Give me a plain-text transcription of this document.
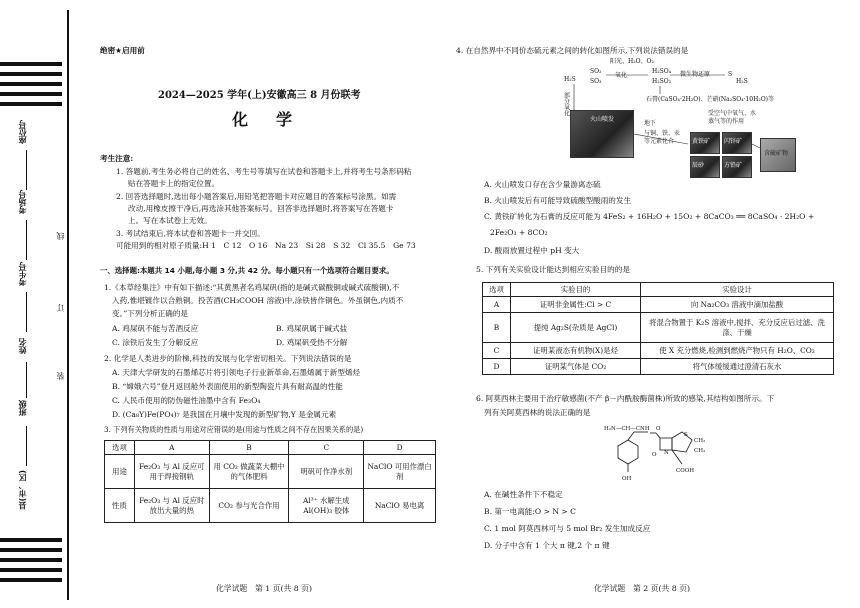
座位号
考场号
考生号
姓名
班级
县(市、区)
线
订
装
绝密★启用前
2024—2025 学年(上)安徽高三 8 月份联考
化　学
考生注意:
1. 答题前,考生务必将自己的姓名、考生号等填写在试卷和答题卡上,并将考生号条形码粘
贴在答题卡上的指定位置。
2. 回答选择题时,选出每小题答案后,用铅笔把答题卡对应题目的答案标号涂黑。如需
改动,用橡皮擦干净后,再选涂其他答案标号。回答非选择题时,将答案写在答题卡
上。写在本试卷上无效。
3. 考试结束后,将本试卷和答题卡一并交回。
可能用到的相对原子质量:H 1　C 12　O 16　Na 23　Si 28　S 32　Cl 35.5　Ge 73
一、选择题:本题共 14 小题,每小题 3 分,共 42 分。每小题只有一个选项符合题目要求。
1.《本草经集注》中有如下描述:“其黄黑者名鸡屎矾(指的是碱式碳酸铜或碱式硫酸铜),不
入药,惟堪镀作以合熟铜。投苦酒(CH₃COOH 溶液)中,涂铁皆作铜色。外虽铜色,内质不
变。”下列分析正确的是
A. 鸡屎矾不能与苦酒反应	B. 鸡屎矾属于碱式盐
C. 涂铁后发生了分解反应	D. 鸡屎矾受热不分解
2. 化学是人类进步的阶梯,科技的发展与化学密切相关。下列说法错误的是
A. 天津大学研发的石墨烯芯片将引领电子行业新革命,石墨烯属于新型烯烃
B. “嫦娥六号”登月返回舱外表面使用的新型陶瓷片具有耐高温的性能
C. 人民币使用的防伪磁性油墨中含有 Fe₃O₄
D. (Ca₈Y)Fe(PO₄)₇ 是我国在月壤中发现的新型矿物,Y 是金属元素
3. 下列有关物质的性质与用途对应错误的是(用途与性质之间不存在因果关系的是)
选项	A	B	C	D
用途	Fe₂O₃ 与 Al 反应可用于焊接钢轨	用 CO₂ 做蔬菜大棚中的气体肥料	明矾可作净水剂	NaClO 可用作漂白剂
性质	Fe₂O₃ 与 Al 反应时放出大量的热	CO₂ 参与光合作用	Al³⁺ 水解生成 Al(OH)₃ 胶体	NaClO 易电离
化学试题　第 1 页(共 8 页)
4. 在自然界中不同价态硫元素之间的转化如图所示,下列说法错误的是
阳光、H₂O、O₂
H₂S
SO₂
SO₃
氧化
H₂SO₄
H₂SO₃
微生物还原	S
H₂S
部分氧化	石膏(CaSO₄·2H₂O)、芒硝(Na₂SO₄·10H₂O)等
火山喷发
地下
与铜、铁、汞等元素化合
受空气中氧气、水蒸气等的作用
黄铁矿 闪锌矿
辰砂	方铅矿
含硫矿物
A. 火山喷发口存在含少量游离态硫
B. 火山喷发后有可能导致硫酸型酸雨的发生
C. 黄铁矿转化为石膏的反应可能为 4FeS₂ + 16H₂O + 15O₂ + 8CaCO₃ ══ 8CaSO₄ · 2H₂O +
2Fe₂O₃ + 8CO₂
D. 酸雨放置过程中 pH 变大
5. 下列有关实验设计能达到相应实验目的的是
选项	实验目的	实验设计
A	证明非金属性:Cl > C	向 Na₂CO₃ 溶液中滴加盐酸
B	提纯 Ag₂S(杂质是 AgCl)	将混合物置于 K₂S 溶液中,搅拌、充分反应后过滤、洗涤、干燥
C	证明某液态有机物(X)是烃	使 X 充分燃烧,检测到燃烧产物只有 H₂O、CO₂
D	证明某气体是 CO₂	将气体缓缓通过澄清石灰水
6. 阿莫西林主要用于治疗敏感菌(不产 β－内酰胺酶菌株)所致的感染,其结构如图所示。下
列有关阿莫西林的说法正确的是
H₂N—CH—CNH
OH
O
S
CH₃
CH₃
N
COOH
O
A. 在碱性条件下不稳定
B. 第一电离能:O > N > C
C. 1 mol 阿莫西林可与 5 mol Br₂ 发生加成反应
D. 分子中含有 1 个大 π 键,2 个 π 键
化学试题　第 2 页(共 8 页)
